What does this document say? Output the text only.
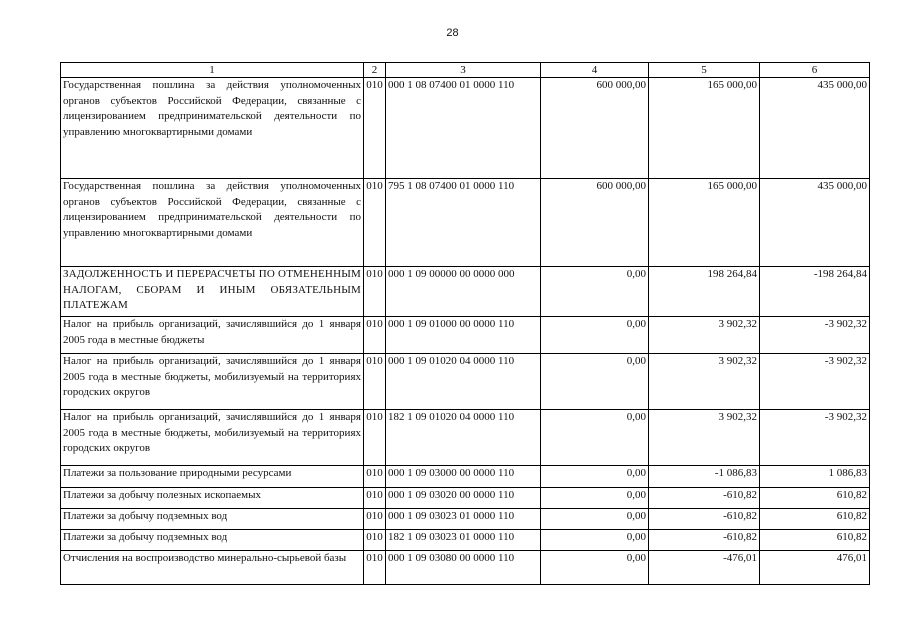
28
1	2	3	4	5	6
Государственная пошлина за действия уполномоченных органов субъектов Российской Федерации, связанные с лицензированием предпринимательской деятельности по управлению многоквартирными домами	010	000 1 08 07400 01 0000 110	600 000,00	165 000,00	435 000,00
Государственная пошлина за действия уполномоченных органов субъектов Российской Федерации, связанные с лицензированием предпринимательской деятельности по управлению многоквартирными домами	010	795 1 08 07400 01 0000 110	600 000,00	165 000,00	435 000,00
ЗАДОЛЖЕННОСТЬ И ПЕРЕРАСЧЕТЫ ПО ОТМЕНЕННЫМ НАЛОГАМ, СБОРАМ И ИНЫМ ОБЯЗАТЕЛЬНЫМ ПЛАТЕЖАМ	010	000 1 09 00000 00 0000 000	0,00	198 264,84	-198 264,84
Налог на прибыль организаций, зачислявшийся до 1 января 2005 года в местные бюджеты	010	000 1 09 01000 00 0000 110	0,00	3 902,32	-3 902,32
Налог на прибыль организаций, зачислявшийся до 1 января 2005 года в местные бюджеты, мобилизуемый на территориях городских округов	010	000 1 09 01020 04 0000 110	0,00	3 902,32	-3 902,32
Налог на прибыль организаций, зачислявшийся до 1 января 2005 года в местные бюджеты, мобилизуемый на территориях городских округов	010	182 1 09 01020 04 0000 110	0,00	3 902,32	-3 902,32
Платежи за пользование природными ресурсами	010	000 1 09 03000 00 0000 110	0,00	-1 086,83	1 086,83
Платежи за добычу полезных ископаемых	010	000 1 09 03020 00 0000 110	0,00	-610,82	610,82
Платежи за добычу подземных вод	010	000 1 09 03023 01 0000 110	0,00	-610,82	610,82
Платежи за добычу подземных вод	010	182 1 09 03023 01 0000 110	0,00	-610,82	610,82
Отчисления на воспроизводство минерально-сырьевой базы	010	000 1 09 03080 00 0000 110	0,00	-476,01	476,01
